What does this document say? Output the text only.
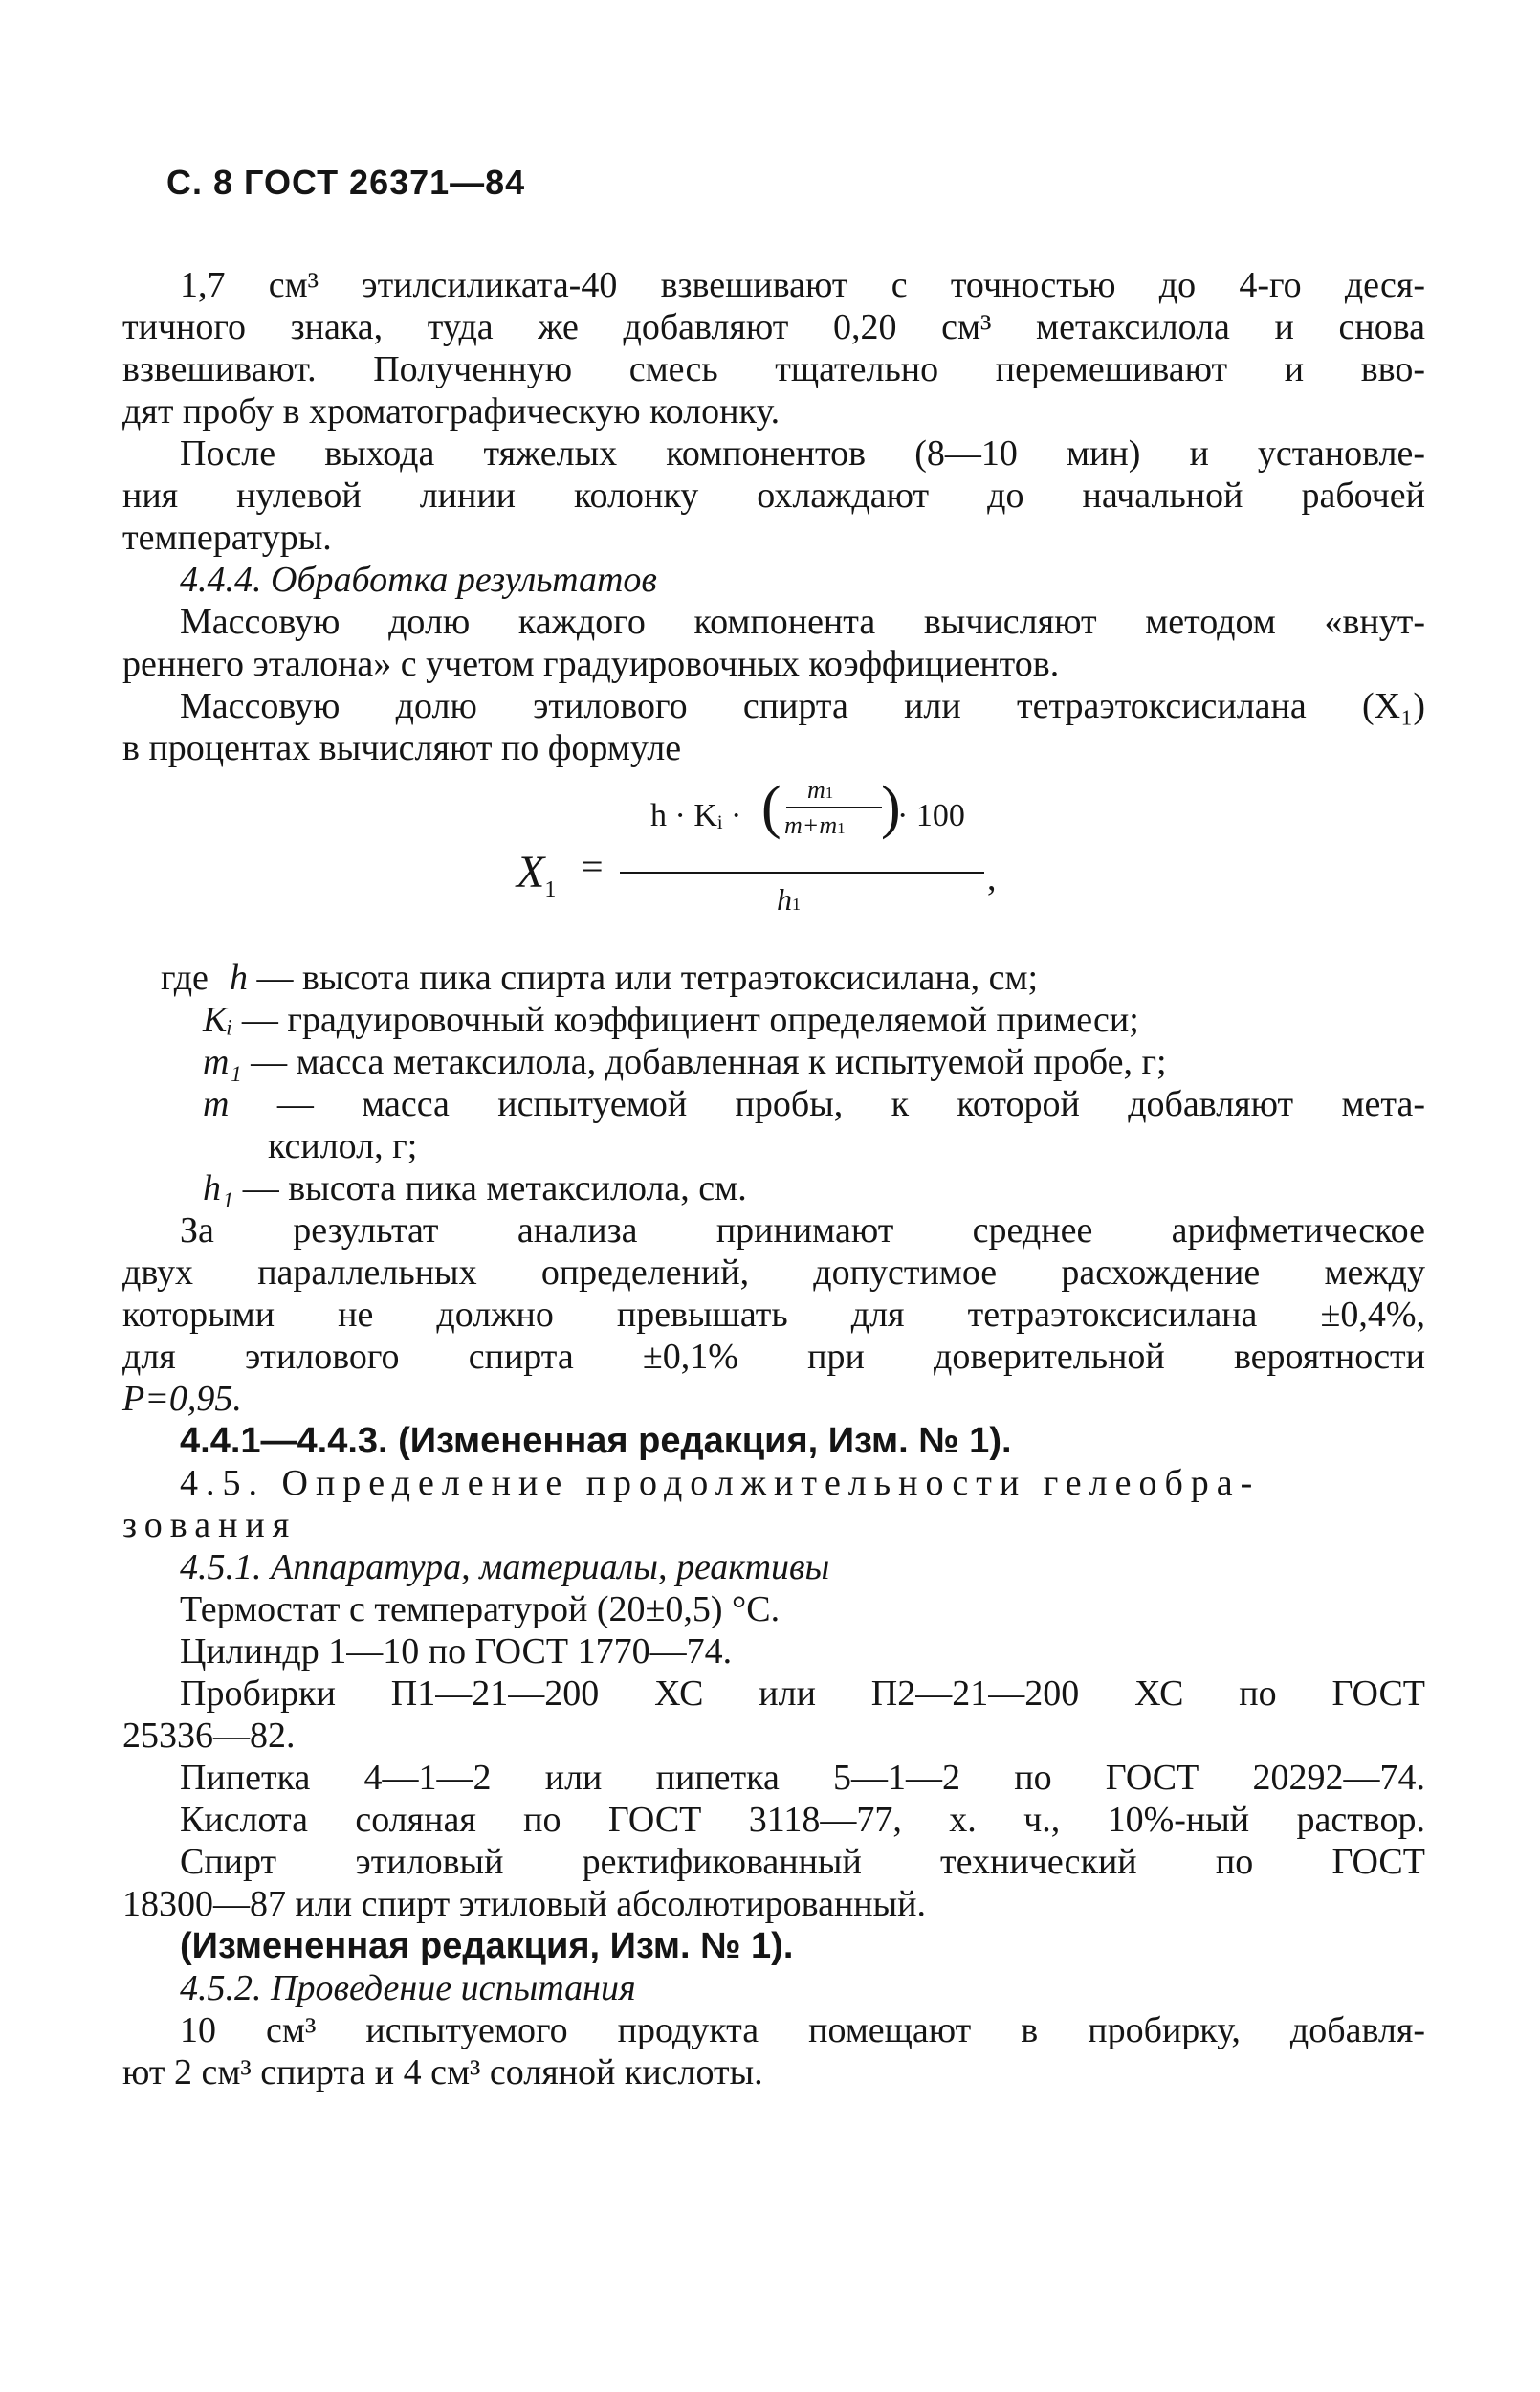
С. 8 ГОСТ 26371—84
1,7 см³ этилсиликата-40 взвешивают с точностью до 4-го деся-
тичного знака, туда же добавляют 0,20 см³ метаксилола и снова
взвешивают. Полученную смесь тщательно перемешивают и вво-
дят пробу в хроматографическую колонку.
После выхода тяжелых компонентов (8—10 мин) и установле-
ния нулевой линии колонку охлаждают до начальной рабочей
температуры.
4.4.4. Обработка результатов
Массовую долю каждого компонента вычисляют методом «внут-
реннего эталона» с учетом градуировочных коэффициентов.
Массовую долю этилового спирта или тетраэтоксисилана (X₁)
в процентах вычисляют по формуле
$X_1$
=
h · Kᵢ · ( m1
m+m1 )
· 100
h1
,
где h — высота пика спирта или тетраэтоксисилана, см;
Kᵢ — градуировочный коэффициент определяемой примеси;
m₁ — масса метаксилола, добавленная к испытуемой пробе, г;
m — масса испытуемой пробы, к которой добавляют мета-
ксилол, г;
h₁ — высота пика метаксилола, см.
За результат анализа принимают среднее арифметическое
двух параллельных определений, допустимое расхождение между
которыми не должно превышать для тетраэтоксисилана ±0,4%,
для этилового спирта ±0,1% при доверительной вероятности
Р=0,95.
4.4.1—4.4.3. (Измененная редакция, Изм. № 1).
4.5. Определение продолжительности гелеобра-
зования
4.5.1. Аппаратура, материалы, реактивы
Термостат с температурой (20±0,5) °С.
Цилиндр 1—10 по ГОСТ 1770—74.
Пробирки П1—21—200 ХС или П2—21—200 ХС по ГОСТ
25336—82.
Пипетка 4—1—2 или пипетка 5—1—2 по ГОСТ 20292—74.
Кислота соляная по ГОСТ 3118—77, х. ч., 10%-ный раствор.
Спирт этиловый ректификованный технический по ГОСТ
18300—87 или спирт этиловый абсолютированный.
(Измененная редакция, Изм. № 1).
4.5.2. Проведение испытания
10 см³ испытуемого продукта помещают в пробирку, добавля-
ют 2 см³ спирта и 4 см³ соляной кислоты.
